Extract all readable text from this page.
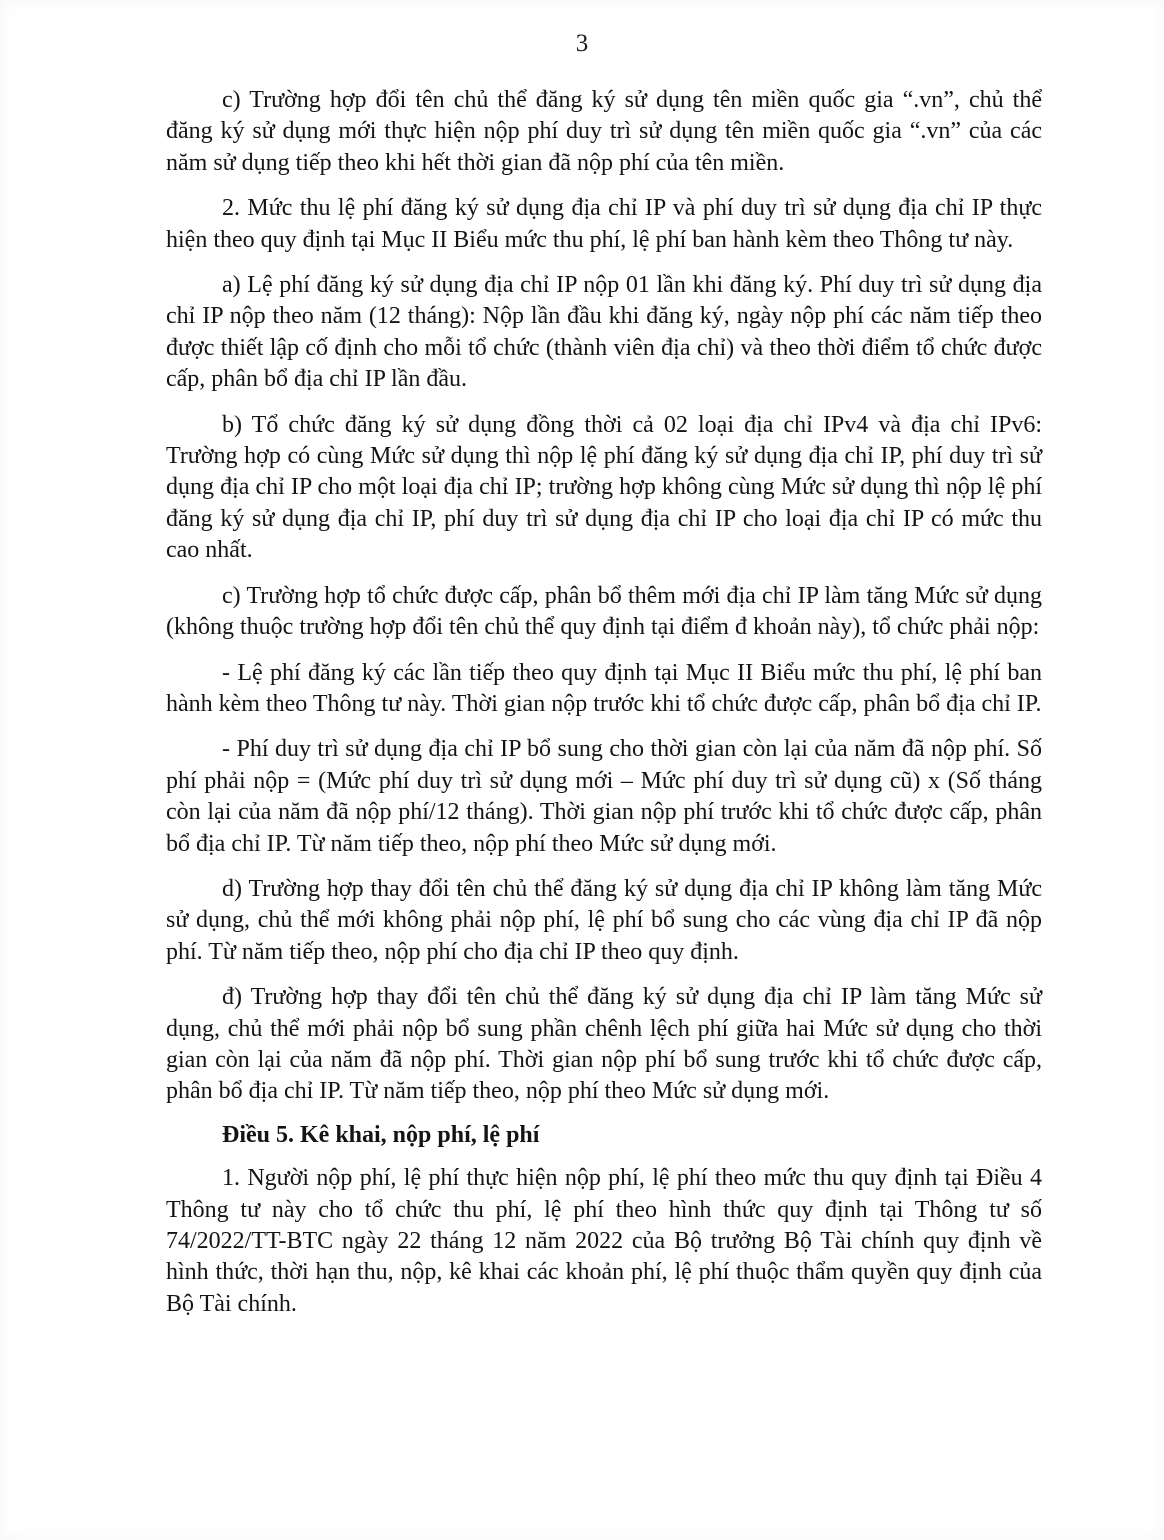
3

c) Trường hợp đổi tên chủ thể đăng ký sử dụng tên miền quốc gia “.vn”, chủ thể đăng ký sử dụng mới thực hiện nộp phí duy trì sử dụng tên miền quốc gia “.vn” của các năm sử dụng tiếp theo khi hết thời gian đã nộp phí của tên miền.

2. Mức thu lệ phí đăng ký sử dụng địa chỉ IP và phí duy trì sử dụng địa chỉ IP thực hiện theo quy định tại Mục II Biểu mức thu phí, lệ phí ban hành kèm theo Thông tư này.

a) Lệ phí đăng ký sử dụng địa chỉ IP nộp 01 lần khi đăng ký. Phí duy trì sử dụng địa chỉ IP nộp theo năm (12 tháng): Nộp lần đầu khi đăng ký, ngày nộp phí các năm tiếp theo được thiết lập cố định cho mỗi tổ chức (thành viên địa chỉ) và theo thời điểm tổ chức được cấp, phân bổ địa chỉ IP lần đầu.

b) Tổ chức đăng ký sử dụng đồng thời cả 02 loại địa chỉ IPv4 và địa chỉ IPv6: Trường hợp có cùng Mức sử dụng thì nộp lệ phí đăng ký sử dụng địa chỉ IP, phí duy trì sử dụng địa chỉ IP cho một loại địa chỉ IP; trường hợp không cùng Mức sử dụng thì nộp lệ phí đăng ký sử dụng địa chỉ IP, phí duy trì sử dụng địa chỉ IP cho loại địa chỉ IP có mức thu cao nhất.

c) Trường hợp tổ chức được cấp, phân bổ thêm mới địa chỉ IP làm tăng Mức sử dụng (không thuộc trường hợp đổi tên chủ thể quy định tại điểm đ khoản này), tổ chức phải nộp:

- Lệ phí đăng ký các lần tiếp theo quy định tại Mục II Biểu mức thu phí, lệ phí ban hành kèm theo Thông tư này. Thời gian nộp trước khi tổ chức được cấp, phân bổ địa chỉ IP.

- Phí duy trì sử dụng địa chỉ IP bổ sung cho thời gian còn lại của năm đã nộp phí. Số phí phải nộp = (Mức phí duy trì sử dụng mới – Mức phí duy trì sử dụng cũ) x (Số tháng còn lại của năm đã nộp phí/12 tháng). Thời gian nộp phí trước khi tổ chức được cấp, phân bổ địa chỉ IP. Từ năm tiếp theo, nộp phí theo Mức sử dụng mới.

d) Trường hợp thay đổi tên chủ thể đăng ký sử dụng địa chỉ IP không làm tăng Mức sử dụng, chủ thể mới không phải nộp phí, lệ phí bổ sung cho các vùng địa chỉ IP đã nộp phí. Từ năm tiếp theo, nộp phí cho địa chỉ IP theo quy định.

đ) Trường hợp thay đổi tên chủ thể đăng ký sử dụng địa chỉ IP làm tăng Mức sử dụng, chủ thể mới phải nộp bổ sung phần chênh lệch phí giữa hai Mức sử dụng cho thời gian còn lại của năm đã nộp phí. Thời gian nộp phí bổ sung trước khi tổ chức được cấp, phân bổ địa chỉ IP. Từ năm tiếp theo, nộp phí theo Mức sử dụng mới.

Điều 5. Kê khai, nộp phí, lệ phí

1. Người nộp phí, lệ phí thực hiện nộp phí, lệ phí theo mức thu quy định tại Điều 4 Thông tư này cho tổ chức thu phí, lệ phí theo hình thức quy định tại Thông tư số 74/2022/TT-BTC ngày 22 tháng 12 năm 2022 của Bộ trưởng Bộ Tài chính quy định về hình thức, thời hạn thu, nộp, kê khai các khoản phí, lệ phí thuộc thẩm quyền quy định của Bộ Tài chính.
